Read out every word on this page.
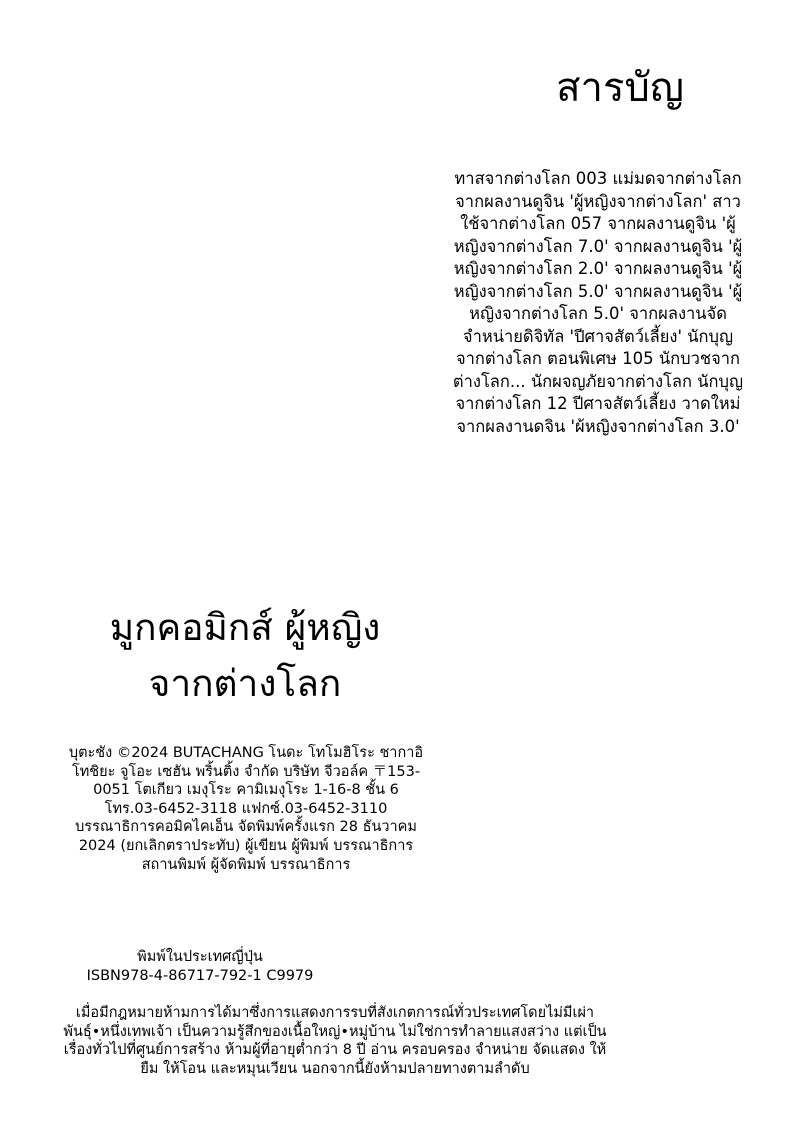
สารบัญ
ทาสจากต่างโลก 003 แม่มดจากต่างโลก จากผลงานดูจิน 'ผู้หญิงจากต่างโลก' สาวใช้จากต่างโลก 057 จากผลงานดูจิน 'ผู้หญิงจากต่างโลก 7.0' จากผลงานดูจิน 'ผู้หญิงจากต่างโลก 2.0' จากผลงานดูจิน 'ผู้หญิงจากต่างโลก 5.0' จากผลงานดูจิน 'ผู้หญิงจากต่างโลก 5.0' จากผลงานจัดจำหน่ายดิจิทัล 'ปีศาจสัตว์เลี้ยง' นักบุญจากต่างโลก ตอนพิเศษ 105 นักบวชจากต่างโลก... นักผจญภัยจากต่างโลก นักบุญจากต่างโลก 12 ปีศาจสัตว์เลี้ยง วาดใหม่ จากผลงานดจิน 'ผ้หญิงจากต่างโลก 3.0'
มูกคอมิกส์ ผู้หญิง
จากต่างโลก
บุตะชัง ©2024 BUTACHANG โนดะ โทโมฮิโระ ชากาอิ โทชิยะ จูโอะ เซฮัน พริ้นติ้ง จำกัด บริษัท จีวอล์ค 〒153-0051 โตเกียว เมงุโระ คามิเมงุโระ 1-16-8 ชั้น 6 โทร.03-6452-3118 แฟกซ์.03-6452-3110 บรรณาธิการคอมิคไคเอ็น จัดพิมพ์ครั้งแรก 28 ธันวาคม 2024 (ยกเลิกตราประทับ) ผู้เขียน ผู้พิมพ์ บรรณาธิการ สถานพิมพ์ ผู้จัดพิมพ์ บรรณาธิการ
พิมพ์ในประเทศญี่ปุ่น
ISBN978-4-86717-792-1 C9979
เมื่อมีกฎหมายห้ามการได้มาซึ่งการแสดงการรบที่สังเกตการณ์ทั่วประเทศโดยไม่มีเผ่าพันธุ์•หนึ่งเทพเจ้า เป็นความรู้สึกของเนื้อใหญ่•หมู่บ้าน ไม่ใช่การทำลายแสงสว่าง แต่เป็นเรื่องทั่วไปที่ศูนย์การสร้าง ห้ามผู้ที่อายุต่ำกว่า 8 ปี อ่าน ครอบครอง จำหน่าย จัดแสดง ให้ยืม ให้โอน และหมุนเวียน นอกจากนี้ยังห้ามปลายทางตามลำดับ
